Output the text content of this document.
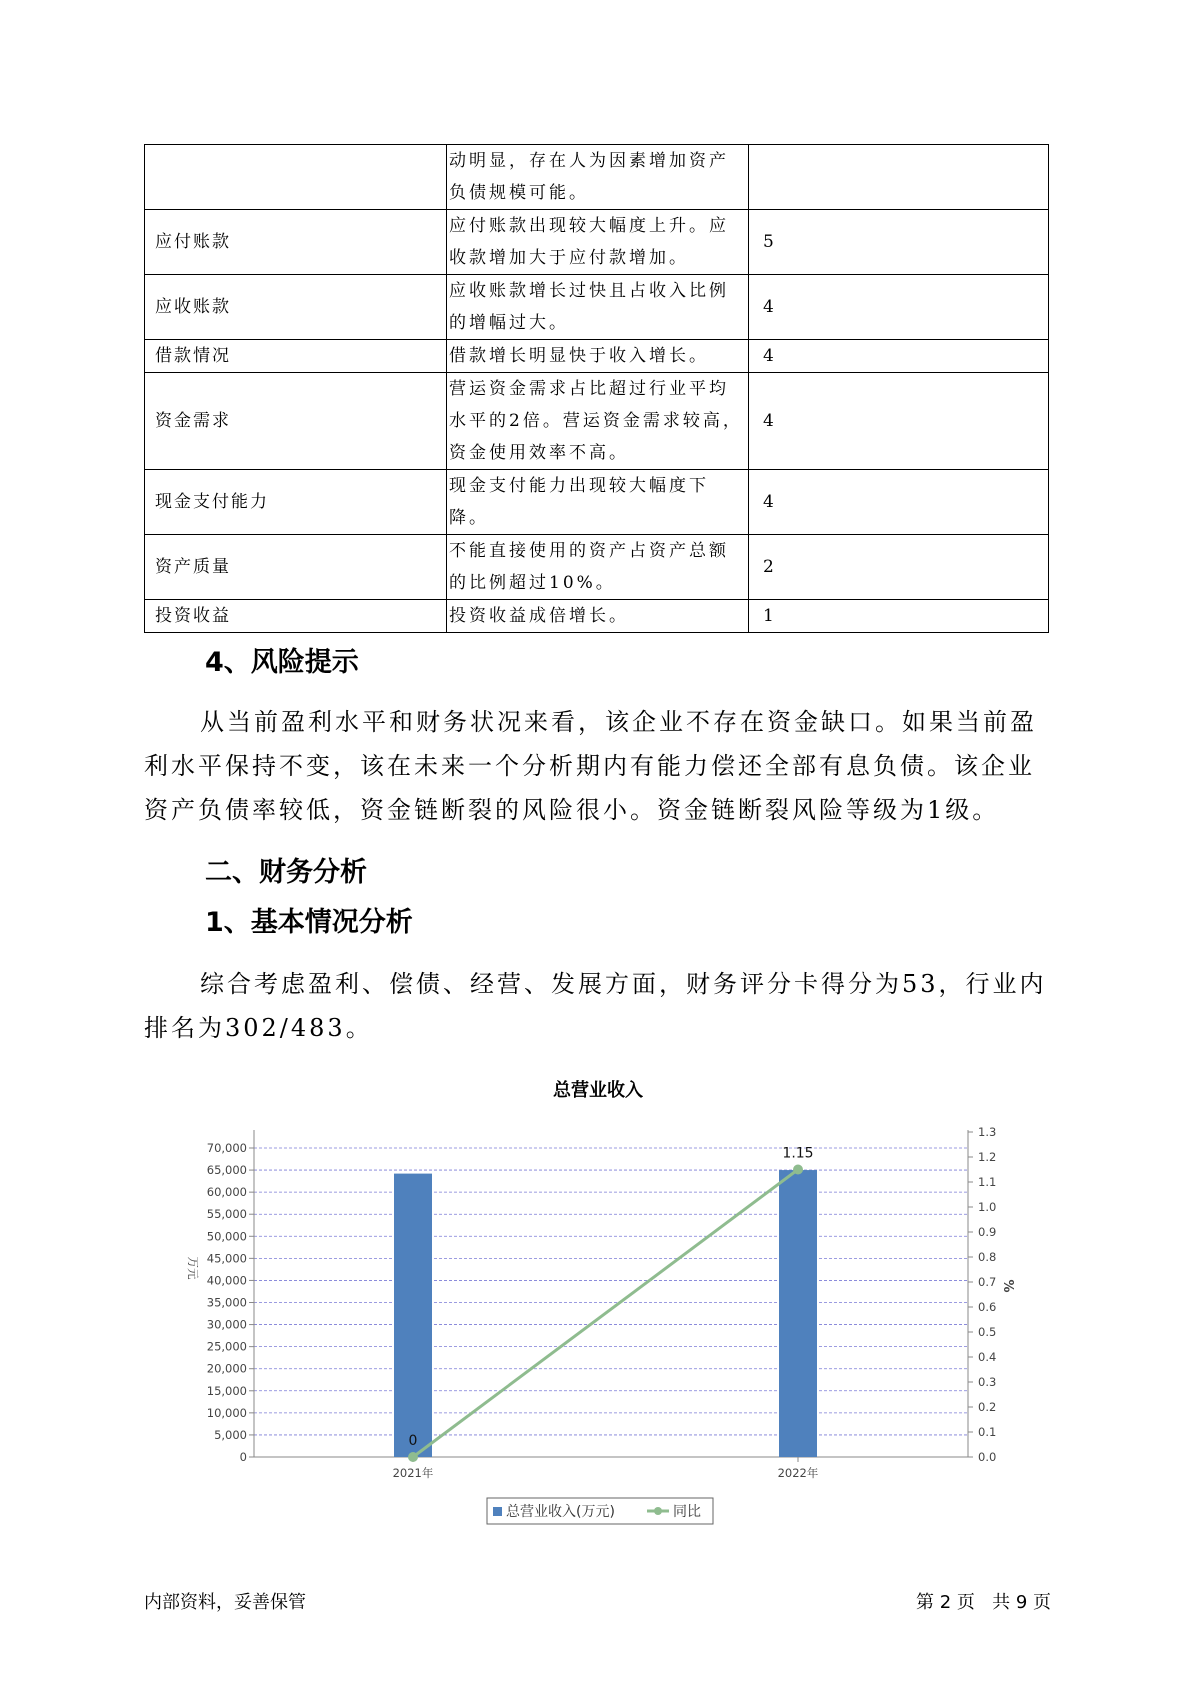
	动明显，存在人为因素增加资产负债规模可能。	
应付账款	应付账款出现较大幅度上升。应收款增加大于应付款增加。	5
应收账款	应收账款增长过快且占收入比例的增幅过大。	4
借款情况	借款增长明显快于收入增长。	4
资金需求	营运资金需求占比超过行业平均水平的2倍。营运资金需求较高，资金使用效率不高。	4
现金支付能力	现金支付能力出现较大幅度下降。	4
资产质量	不能直接使用的资产占资产总额的比例超过10%。	2
投资收益	投资收益成倍增长。	1
4、风险提示

从当前盈利水平和财务状况来看，该企业不存在资金缺口。如果当前盈利水平保持不变，该在未来一个分析期内有能力偿还全部有息负债。该企业资产负债率较低，资金链断裂的风险很小。资金链断裂风险等级为1级。

二、财务分析
1、基本情况分析

综合考虑盈利、偿债、经营、发展方面，财务评分卡得分为53，行业内排名为302/483。

总营业收入
0
5,000
10,000
15,000
20,000
25,000
30,000
35,000
40,000
45,000
50,000
55,000
60,000
65,000
70,000
0.0
0.1
0.2
0.3
0.4
0.5
0.6
0.7
0.8
0.9
1.0
1.1
1.2
1.3
2021年	2022年
0
1.15
万元
%
总营业收入(万元)	同比
内部资料，妥善保管	第 2 页   共 9 页
